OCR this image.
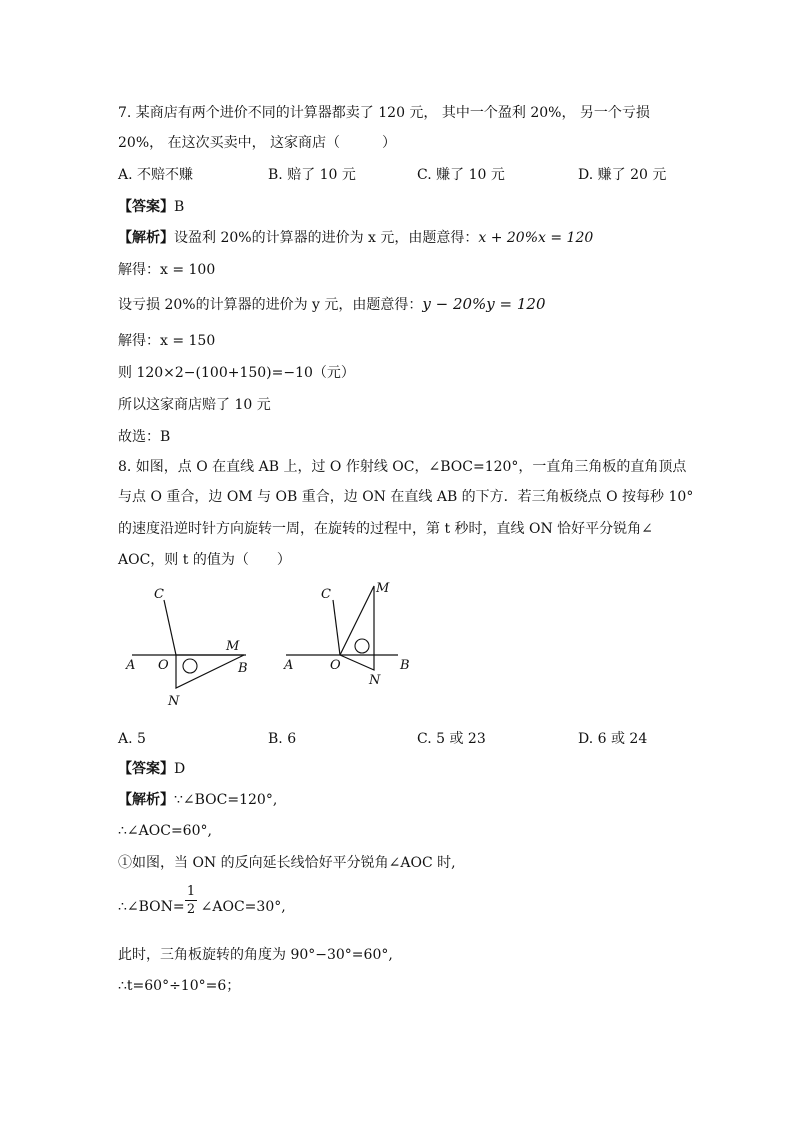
7. 某商店有两个进价不同的计算器都卖了 120 元， 其中一个盈利 20%， 另一个亏损
20%， 在这次买卖中， 这家商店（　　　）
A. 不赔不赚	B. 赔了 10 元	C. 赚了 10 元	D. 赚了 20 元
【答案】B
【解析】设盈利 20%的计算器的进价为 x 元，由题意得：x + 20%x = 120
解得：x = 100
设亏损 20%的计算器的进价为 y 元，由题意得：y − 20%y = 120
解得：x = 150
则 120×2−(100+150)=−10（元）
所以这家商店赔了 10 元
故选：B
8. 如图，点 O 在直线 AB 上，过 O 作射线 OC，∠BOC=120°，一直角三角板的直角顶点
与点 O 重合，边 OM 与 OB 重合，边 ON 在直线 AB 的下方．若三角板绕点 O 按每秒 10°
的速度沿逆时针方向旋转一周，在旋转的过程中，第 t 秒时，直线 ON 恰好平分锐角∠
AOC，则 t 的值为（　　）
C
M
A O	B
N
C	M
A	O	B
N
A. 5	B. 6	C. 5 或 23	D. 6 或 24
【答案】D
【解析】∵∠BOC=120°,
∴∠AOC=60°,
①如图，当 ON 的反向延长线恰好平分锐角∠AOC 时,
∴∠BON= ∠AOC=30°,
1
2
此时，三角板旋转的角度为 90°−30°=60°,
∴t=60°÷10°=6；
